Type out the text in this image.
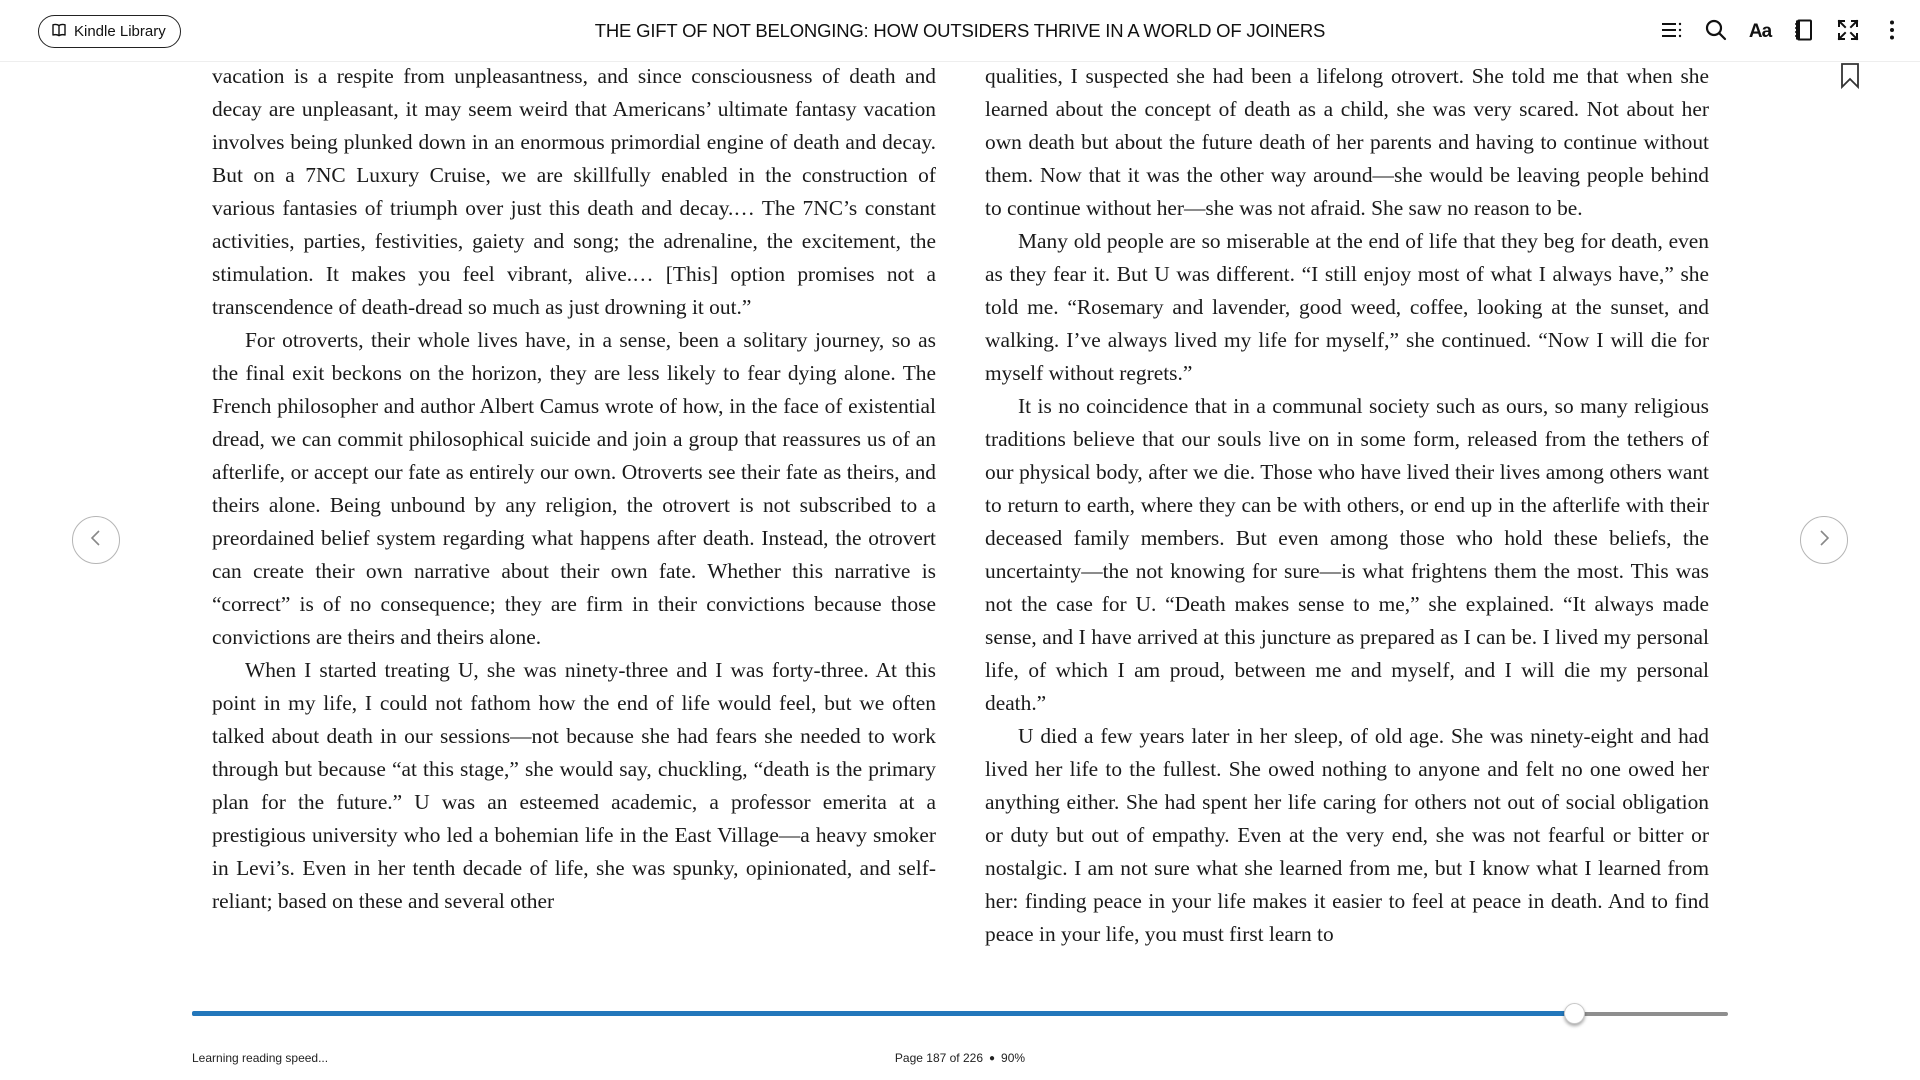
Kindle Library	THE GIFT OF NOT BELONGING: HOW OUTSIDERS THRIVE IN A WORLD OF JOINERS	Aa

vacation is a respite from unpleasantness, and since consciousness of death and decay are unpleasant, it may seem weird that Americans’ ultimate fantasy vacation involves being plunked down in an enormous primordial engine of death and decay. But on a 7NC Luxury Cruise, we are skillfully enabled in the construction of various fantasies of triumph over just this death and decay.… The 7NC’s constant activities, parties, festivities, gaiety and song; the adrenaline, the excitement, the stimulation. It makes you feel vibrant, alive.… [This] option promises not a transcendence of death-dread so much as just drowning it out.”

For otroverts, their whole lives have, in a sense, been a solitary journey, so as the final exit beckons on the horizon, they are less likely to fear dying alone. The French philosopher and author Albert Camus wrote of how, in the face of existential dread, we can commit philosophical suicide and join a group that reassures us of an afterlife, or accept our fate as entirely our own. Otroverts see their fate as theirs, and theirs alone. Being unbound by any religion, the otrovert is not subscribed to a preordained belief system regarding what happens after death. Instead, the otrovert can create their own narrative about their own fate. Whether this narrative is “correct” is of no consequence; they are firm in their convictions because those convictions are theirs and theirs alone.

When I started treating U, she was ninety-three and I was forty-three. At this point in my life, I could not fathom how the end of life would feel, but we often talked about death in our sessions—not because she had fears she needed to work through but because “at this stage,” she would say, chuckling, “death is the primary plan for the future.” U was an esteemed academic, a professor emerita at a prestigious university who led a bohemian life in the East Village—a heavy smoker in Levi’s. Even in her tenth decade of life, she was spunky, opinionated, and self-reliant; based on these and several other

qualities, I suspected she had been a lifelong otrovert. She told me that when she learned about the concept of death as a child, she was very scared. Not about her own death but about the future death of her parents and having to continue without them. Now that it was the other way around—she would be leaving people behind to continue without her—she was not afraid. She saw no reason to be.

Many old people are so miserable at the end of life that they beg for death, even as they fear it. But U was different. “I still enjoy most of what I always have,” she told me. “Rosemary and lavender, good weed, coffee, looking at the sunset, and walking. I’ve always lived my life for myself,” she continued. “Now I will die for myself without regrets.”

It is no coincidence that in a communal society such as ours, so many religious traditions believe that our souls live on in some form, released from the tethers of our physical body, after we die. Those who have lived their lives among others want to return to earth, where they can be with others, or end up in the afterlife with their deceased family members. But even among those who hold these beliefs, the uncertainty—the not knowing for sure—is what frightens them the most. This was not the case for U. “Death makes sense to me,” she explained. “It always made sense, and I have arrived at this juncture as prepared as I can be. I lived my personal life, of which I am proud, between me and myself, and I will die my personal death.”

U died a few years later in her sleep, of old age. She was ninety-eight and had lived her life to the fullest. She owed nothing to anyone and felt no one owed her anything either. She had spent her life caring for others not out of social obligation or duty but out of empathy. Even at the very end, she was not fearful or bitter or nostalgic. I am not sure what she learned from me, but I know what I learned from her: finding peace in your life makes it easier to feel at peace in death. And to find peace in your life, you must first learn to

Learning reading speed...	Page 187 of 226 ● 90%
